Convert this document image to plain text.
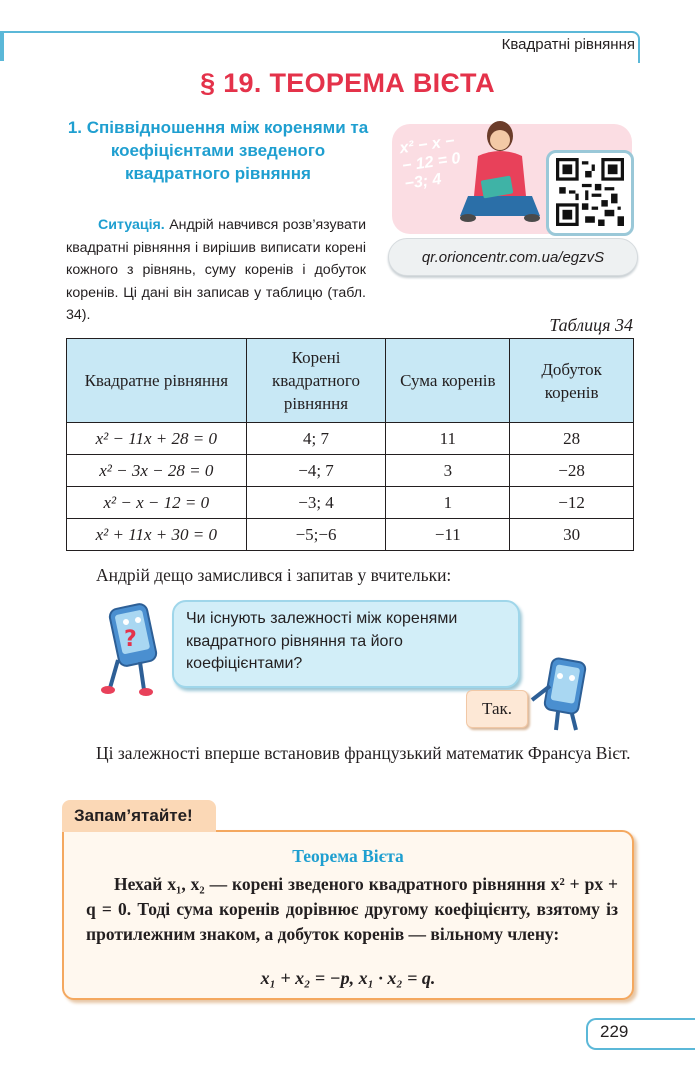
Квадратні рівняння
§ 19. ТЕОРЕМА ВІЄТА
1. Співвідношення між коренями та коефіцієнтами зведеного квадратного рівняння
Ситуація. Андрій навчився розв’язувати квадратні рівняння і вирішив виписати корені кожного з рівнянь, суму коренів і добуток коренів. Ці дані він записав у таблицю (табл. 34).
x² − x −
− 12 = 0
−3; 4
qr.orioncentr.com.ua/egzvS
Таблиця 34
Квадратне рівняння	Корені квадратного рівняння	Сума коренів	Добуток коренів
x² − 11x + 28 = 0	4; 7	11	28
x² − 3x − 28 = 0	−4; 7	3	−28
x² − x − 12 = 0	−3; 4	1	−12
x² + 11x + 30 = 0	−5;−6	−11	30
Андрій дещо замислився і запитав у вчительки:
?
Чи існують залежності між коренями квадратного рівняння та його коефіцієнтами?
Так.
Ці залежності вперше встановив французький математик Франсуа Вієт.
Запам’ятайте!
Теорема Вієта
Нехай x₁, x₂ — корені зведеного квадратного рівняння x² + px + q = 0. Тоді сума коренів дорівнює другому коефіцієнту, взятому із протилежним знаком, а добуток коренів — вільному члену:
x₁ + x₂ = −p, x₁ · x₂ = q.
229
